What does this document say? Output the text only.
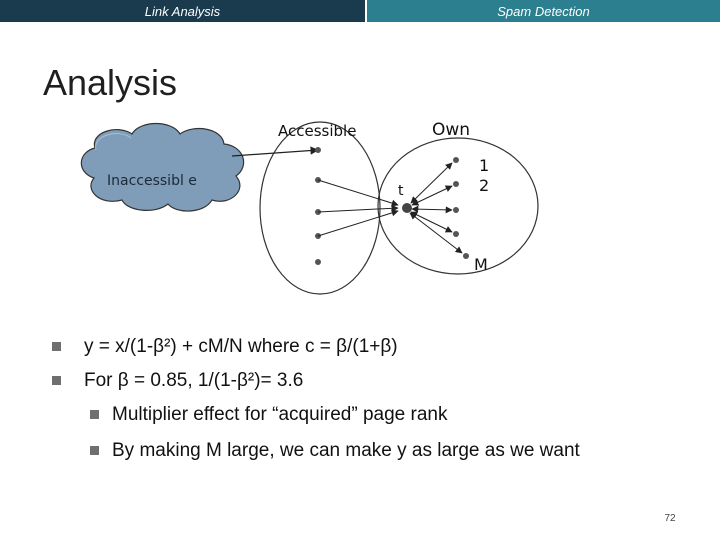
Link Analysis	Spam Detection
Analysis
Accessible	Own
Inaccessibl e
t
1
2
M
y = x/(1-β²) + cM/N where c = β/(1+β)
For β = 0.85, 1/(1-β²)= 3.6
Multiplier effect for “acquired” page rank
By making M large, we can make y as large as we want
72
